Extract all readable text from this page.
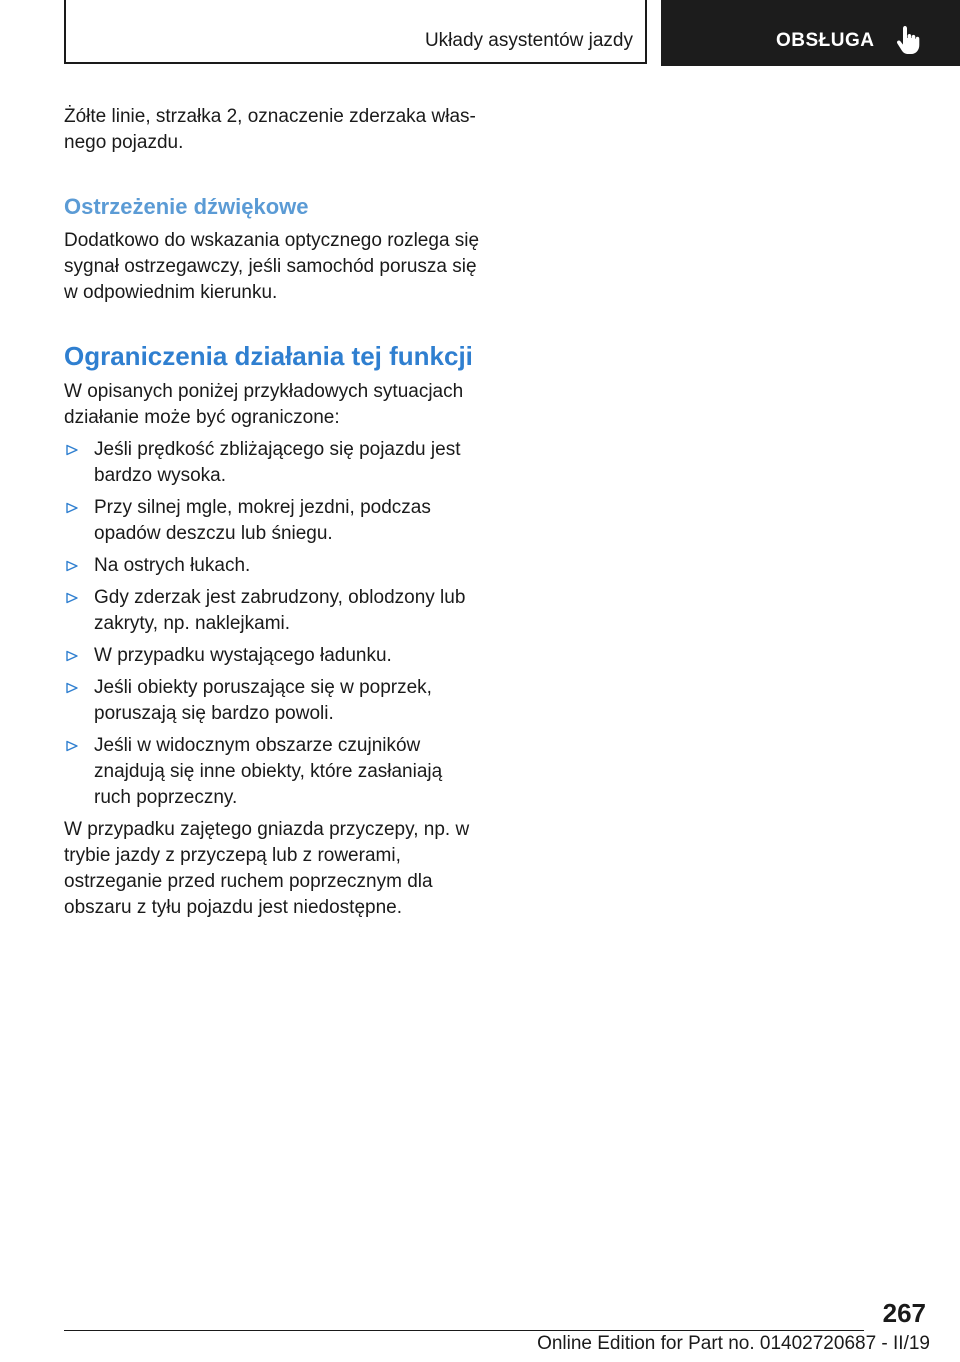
Układy asystentów jazdy	OBSŁUGA

Żółte linie, strzałka 2, oznaczenie zderzaka włas-
nego pojazdu.

Ostrzeżenie dźwiękowe

Dodatkowo do wskazania optycznego rozlega się sygnał ostrzegawczy, jeśli samochód porusza się w odpowiednim kierunku.

Ograniczenia działania tej funkcji

W opisanych poniżej przykładowych sytuacjach działanie może być ograniczone:

Jeśli prędkość zbliżającego się pojazdu jest bardzo wysoka.
Przy silnej mgle, mokrej jezdni, podczas opadów deszczu lub śniegu.
Na ostrych łukach.
Gdy zderzak jest zabrudzony, oblodzony lub zakryty, np. naklejkami.
W przypadku wystającego ładunku.
Jeśli obiekty poruszające się w poprzek, poruszają się bardzo powoli.
Jeśli w widocznym obszarze czujników znajdują się inne obiekty, które zasłaniają ruch poprzeczny.

W przypadku zajętego gniazda przyczepy, np. w trybie jazdy z przyczepą lub z rowerami, ostrzeganie przed ruchem poprzecznym dla obszaru z tyłu pojazdu jest niedostępne.

267
Online Edition for Part no. 01402720687 - II/19
